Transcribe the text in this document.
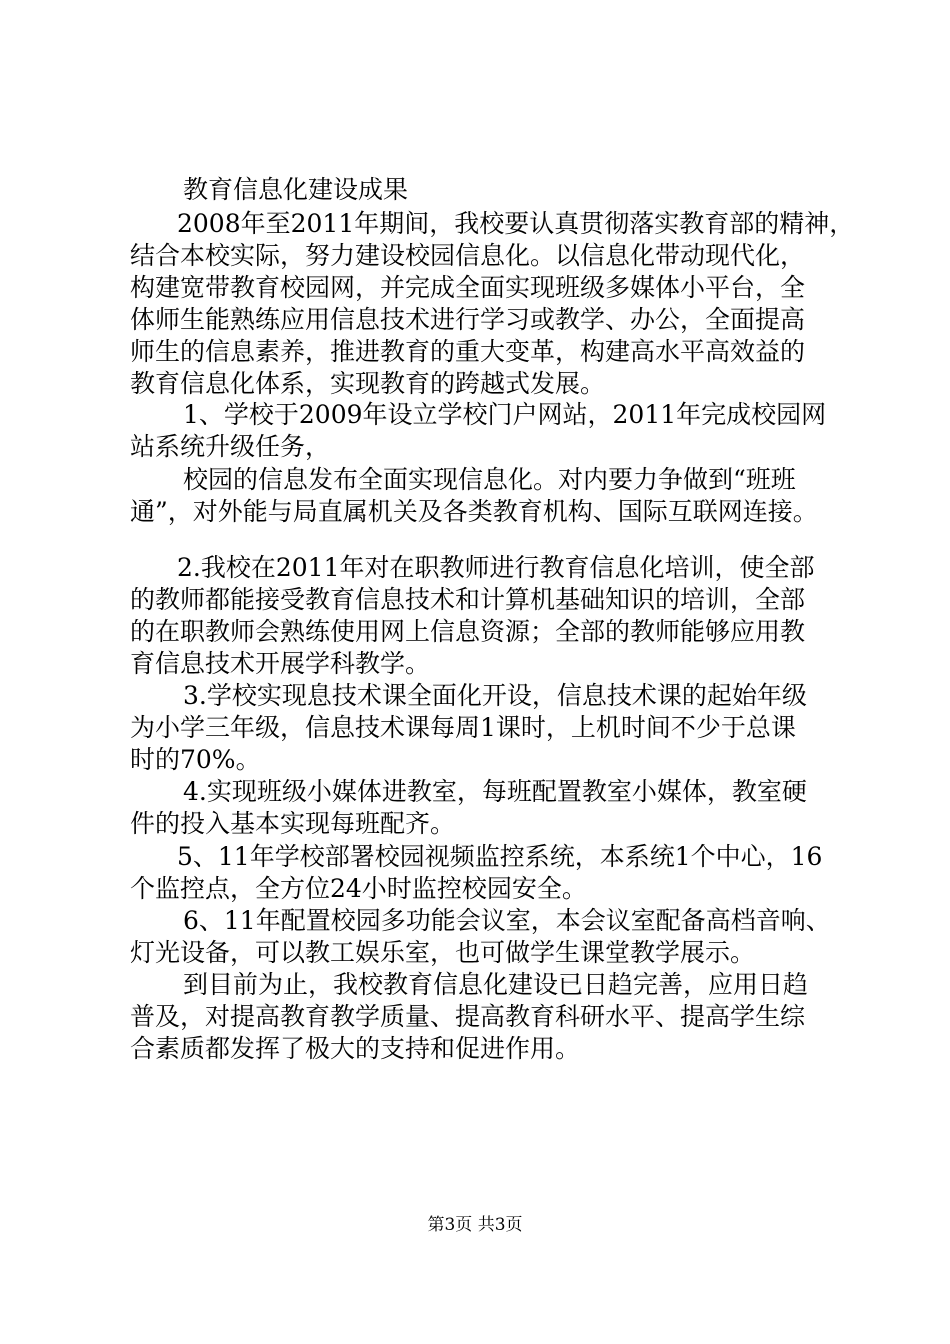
教育信息化建设成果
2008年至2011年期间，我校要认真贯彻落实教育部的精神，
结合本校实际，努力建设校园信息化。以信息化带动现代化，
构建宽带教育校园网，并完成全面实现班级多媒体小平台，全
体师生能熟练应用信息技术进行学习或教学、办公，全面提高
师生的信息素养，推进教育的重大变革，构建高水平高效益的
教育信息化体系，实现教育的跨越式发展。
1、学校于2009年设立学校门户网站，2011年完成校园网
站系统升级任务，
校园的信息发布全面实现信息化。对内要力争做到“班班
通”，对外能与局直属机关及各类教育机构、国际互联网连接。
2.我校在2011年对在职教师进行教育信息化培训，使全部
的教师都能接受教育信息技术和计算机基础知识的培训，全部
的在职教师会熟练使用网上信息资源；全部的教师能够应用教
育信息技术开展学科教学。
3.学校实现息技术课全面化开设，信息技术课的起始年级
为小学三年级，信息技术课每周1课时，上机时间不少于总课
时的70%。
4.实现班级小媒体进教室，每班配置教室小媒体，教室硬
件的投入基本实现每班配齐。
5、11年学校部署校园视频监控系统，本系统1个中心，16
个监控点，全方位24小时监控校园安全。
6、11年配置校园多功能会议室，本会议室配备高档音响、
灯光设备，可以教工娱乐室，也可做学生课堂教学展示。
到目前为止，我校教育信息化建设已日趋完善，应用日趋
普及，对提高教育教学质量、提高教育科研水平、提高学生综
合素质都发挥了极大的支持和促进作用。
第3页 共3页
